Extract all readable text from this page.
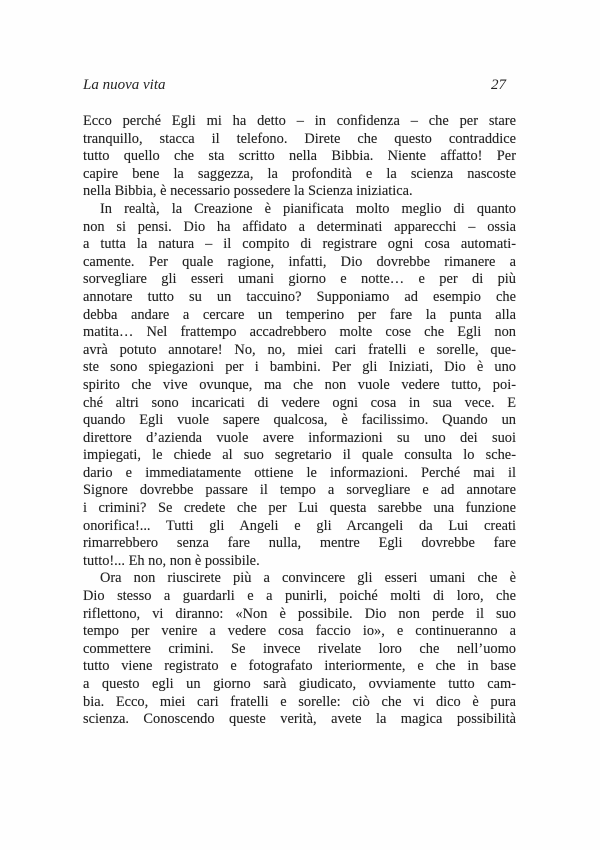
La nuova vita	27
Ecco perché Egli mi ha detto – in confidenza – che per stare
tranquillo, stacca il telefono. Direte che questo contraddice
tutto quello che sta scritto nella Bibbia. Niente affatto! Per
capire bene la saggezza, la profondità e la scienza nascoste
nella Bibbia, è necessario possedere la Scienza iniziatica.
In realtà, la Creazione è pianificata molto meglio di quanto
non si pensi. Dio ha affidato a determinati apparecchi – ossia
a tutta la natura – il compito di registrare ogni cosa automati-
camente. Per quale ragione, infatti, Dio dovrebbe rimanere a
sorvegliare gli esseri umani giorno e notte… e per di più
annotare tutto su un taccuino? Supponiamo ad esempio che
debba andare a cercare un temperino per fare la punta alla
matita… Nel frattempo accadrebbero molte cose che Egli non
avrà potuto annotare! No, no, miei cari fratelli e sorelle, que-
ste sono spiegazioni per i bambini. Per gli Iniziati, Dio è uno
spirito che vive ovunque, ma che non vuole vedere tutto, poi-
ché altri sono incaricati di vedere ogni cosa in sua vece. E
quando Egli vuole sapere qualcosa, è facilissimo. Quando un
direttore d’azienda vuole avere informazioni su uno dei suoi
impiegati, le chiede al suo segretario il quale consulta lo sche-
dario e immediatamente ottiene le informazioni. Perché mai il
Signore dovrebbe passare il tempo a sorvegliare e ad annotare
i crimini? Se credete che per Lui questa sarebbe una funzione
onorifica!... Tutti gli Angeli e gli Arcangeli da Lui creati
rimarrebbero senza fare nulla, mentre Egli dovrebbe fare
tutto!... Eh no, non è possibile.
Ora non riuscirete più a convincere gli esseri umani che è
Dio stesso a guardarli e a punirli, poiché molti di loro, che
riflettono, vi diranno: «Non è possibile. Dio non perde il suo
tempo per venire a vedere cosa faccio io», e continueranno a
commettere crimini. Se invece rivelate loro che nell’uomo
tutto viene registrato e fotografato interiormente, e che in base
a questo egli un giorno sarà giudicato, ovviamente tutto cam-
bia. Ecco, miei cari fratelli e sorelle: ciò che vi dico è pura
scienza. Conoscendo queste verità, avete la magica possibilità
